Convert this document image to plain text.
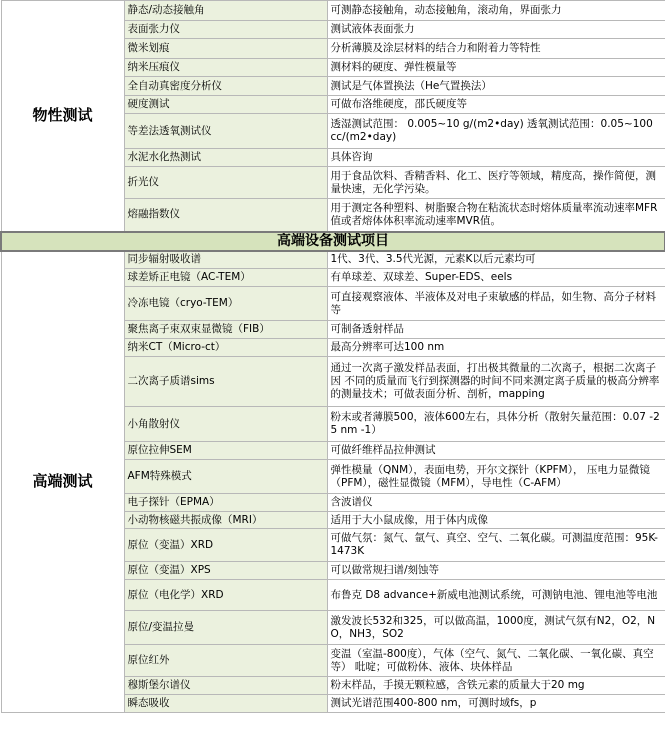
物性测试	静态/动态接触角	可测静态接触角，动态接触角，滚动角，界面张力
	表面张力仪	测试液体表面张力
	微米划痕	分析薄膜及涂层材料的结合力和附着力等特性
	纳米压痕仪	测材料的硬度、弹性模量等
	全自动真密度分析仪	测试是气体置换法（He气置换法）
	硬度测试	可做布洛维硬度，邵氏硬度等
	等差法透氧测试仪	透湿测试范围： 0.005~10 g/(m2•day) 透氧测试范围：0.05~100 cc/(m2•day)
	水泥水化热测试	具体咨询
	折光仪	用于食品饮料、香精香料、化工、医疗等领域，精度高，操作简便，测量快速，无化学污染。
	熔融指数仪	用于测定各种塑料、树脂聚合物在粘流状态时熔体质量率流动速率MFR值或者熔体体积率流动速率MVR值。
高端设备测试项目		
高端测试	同步辐射吸收谱	1代、3代、3.5代光源，元素K以后元素均可
	球差矫正电镜（AC-TEM）	有单球差、双球差、Super-EDS、eels
	冷冻电镜（cryo-TEM）	可直接观察液体、半液体及对电子束敏感的样品，如生物、高分子材料等
	聚焦离子束双束显微镜（FIB）	可制备透射样品
	纳米CT（Micro-ct）	最高分辨率可达100 nm
	二次离子质谱sims	通过一次离子激发样品表面，打出极其微量的二次离子，根据二次离子因 不同的质量而飞行到探测器的时间不同来测定离子质量的极高分辨率的测量技术；可做表面分析、剖析，mapping
	小角散射仪	粉末或者薄膜500，液体600左右，具体分析（散射矢量范围：0.07 -25 nm -1）
	原位拉伸SEM	可做纤维样品拉伸测试
	AFM特殊模式	弹性模量（QNM），表面电势，开尔文探针（KPFM）， 压电力显微镜（PFM），磁性显微镜（MFM），导电性（C-AFM）
	电子探针（EPMA）	含波谱仪
	小动物核磁共振成像（MRI）	适用于大小鼠成像，用于体内成像
	原位（变温）XRD	可做气氛：氮气、氩气、真空、空气、二氧化碳。可测温度范围：95K-1473K
	原位（变温）XPS	可以做常规扫谱/刻蚀等
	原位（电化学）XRD	布鲁克 D8 advance+新威电池测试系统，可测钠电池、锂电池等电池
	原位/变温拉曼	激发波长532和325，可以做高温，1000度，测试气氛有N2，O2，NO，NH3，SO2
	原位红外	变温（室温-800度），气体（空气、氮气、二氧化碳、一氧化碳、真空等） 吡啶；可做粉体、液体、块体样品
	穆斯堡尔谱仪	粉末样品，手摸无颗粒感，含铁元素的质量大于20 mg
	瞬态吸收	测试光谱范围400-800 nm，可测时域fs，p
